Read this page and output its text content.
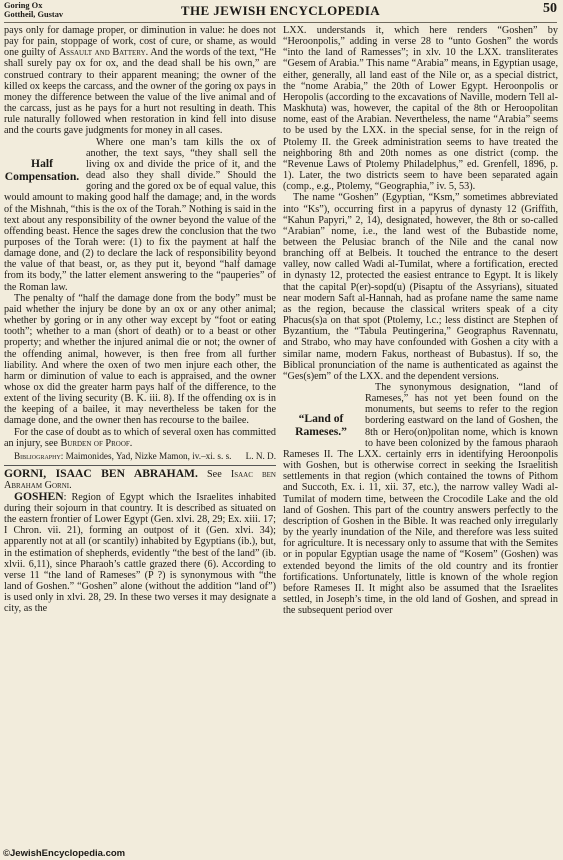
Goring Ox
Gottheil, Gustav	THE JEWISH ENCYCLOPEDIA	50

pays only for damage proper, or diminution in value: he does not pay for pain, stoppage of work, cost of cure, or shame, as would one guilty of Assault and Battery. And the words of the text, “He shall surely pay ox for ox, and the dead shall be his own,” are construed contrary to their apparent meaning; the owner of the killed ox keeps the carcass, and the owner of the goring ox pays in money the difference between the value of the live animal and of the carcass, just as he pays for a hurt not resulting in death. This rule naturally followed when restoration in kind fell into disuse and the courts gave judgments for money in all cases.

Half Compensation.

Where one man’s tam kills the ox of another, the text says, “they shall sell the living ox and divide the price of it, and the dead also they shall divide.” Should the goring and the gored ox be of equal value, this would amount to making good half the damage; and, in the words of the Mishnah, “this is the ox of the Torah.” Nothing is said in the text about any responsibility of the owner beyond the value of the offending beast. Hence the sages drew the conclusion that the two purposes of the Torah were: (1) to fix the payment at half the damage done, and (2) to declare the lack of responsibility beyond the value of that beast, or, as they put it, beyond “half damage from its body,” the latter element answering to the “pauperies” of the Roman law.

The penalty of “half the damage done from the body” must be paid whether the injury be done by an ox or any other animal; whether by goring or in any other way except by “foot or eating tooth”; whether to a man (short of death) or to a beast or other property; and whether the injured animal die or not; the owner of the offending animal, however, is then free from all further liability. And where the oxen of two men injure each other, the harm or diminution of value to each is appraised, and the owner whose ox did the greater harm pays half of the difference, to the extent of the living security (B. K. iii. 8). If the offending ox is in the keeping of a bailee, it may nevertheless be taken for the damage done, and the owner then has recourse to the bailee.

For the case of doubt as to which of several oxen has committed an injury, see Burden of Proof.

Bibliography: Maimonides, Yad, Nizke Mamon, iv.–xi. s. s.	L. N. D.

GORNI, ISAAC BEN ABRAHAM. See Isaac ben Abraham Gorni.

GOSHEN: Region of Egypt which the Israelites inhabited during their sojourn in that country. It is described as situated on the eastern frontier of Lower Egypt (Gen. xlvi. 28, 29; Ex. xiii. 17; I Chron. vii. 21), forming an outpost of it (Gen. xlvi. 34); apparently not at all (or scantily) inhabited by Egyptians (ib.), but, in the estimation of shepherds, evidently “the best of the land” (ib. xlvii. 6,11), since Pharaoh’s cattle grazed there (6). According to verse 11 “the land of Rameses” (P ?) is synonymous with “the land of Goshen.” “Goshen” alone (without the addition “land of”) is used only in xlvi. 28, 29. In these two verses it may designate a city, as the

LXX. understands it, which here renders “Goshen” by “Heroonpolis,” adding in verse 28 to “unto Goshen” the words “into the land of Ramesses”; in xlv. 10 the LXX. transliterates “Gesem of Arabia.” This name “Arabia” means, in Egyptian usage, either, generally, all land east of the Nile or, as a special district, the “nome Arabia,” the 20th of Lower Egypt. Heroonpolis or Heropolis (according to the excavations of Naville, modern Tell al-Maskhuta) was, however, the capital of the 8th or Heroopolitan nome, east of the Arabian. Nevertheless, the name “Arabia” seems to be used by the LXX. in the special sense, for in the reign of Ptolemy II. the Greek administration seems to have treated the neighboring 8th and 20th nomes as one district (comp. the “Revenue Laws of Ptolemy Philadelphus,” ed. Grenfell, 1896, p. 1). Later, the two districts seem to have been separated again (comp., e.g., Ptolemy, “Geographia,” iv. 5, 53).

The name “Goshen” (Egyptian, “Ksm,” sometimes abbreviated into “Ks”), occurring first in a papyrus of dynasty 12 (Griffith, “Kahun Papyri,” 2, 14), designated, however, the 8th or so-called “Arabian” nome, i.e., the land west of the Bubastide nome, between the Pelusiac branch of the Nile and the canal now branching off at Belbeis. It touched the entrance to the desert valley, now called Wadi al-Tumilat, where a fortification, erected in dynasty 12, protected the easiest entrance to Egypt. It is likely that the capital P(er)-sopd(u) (Pisaptu of the Assyrians), situated near modern Saft al-Hannah, had as profane name the same name as the region, because the classical writers speak of a city Phacus(s)a on that spot (Ptolemy, l.c.; less distinct are Stephen of Byzantium, the “Tabula Peutingerina,” Geographus Ravennatu, and Strabo, who may have confounded with Goshen a city with a similar name, modern Fakus, northeast of Bubastus). If so, the Biblical pronunciation of the name is authenticated as against the “Ges(s)em” of the LXX. and the dependent versions.

“Land of Rameses.”

The synonymous designation, “land of Rameses,” has not yet been found on the monuments, but seems to refer to the region bordering eastward on the land of Goshen, the 8th or Hero(on)politan nome, which is known to have been colonized by the famous pharaoh Rameses II. The LXX. certainly errs in identifying Heroonpolis with Goshen, but is otherwise correct in seeking the Israelitish settlements in that region (which contained the towns of Pithom and Succoth, Ex. i. 11, xii. 37, etc.), the narrow valley Wadi al-Tumilat of modern time, between the Crocodile Lake and the old land of Goshen. This part of the country answers perfectly to the description of Goshen in the Bible. It was reached only irregularly by the yearly inundation of the Nile, and therefore was less suited for agriculture. It is necessary only to assume that with the Semites or in popular Egyptian usage the name of “Kosem” (Goshen) was extended beyond the limits of the old country and its frontier fortifications. Unfortunately, little is known of the whole region before Rameses II. It might also be assumed that the Israelites settled, in Joseph’s time, in the old land of Goshen, and spread in the subsequent period over

©JewishEncyclopedia.com
